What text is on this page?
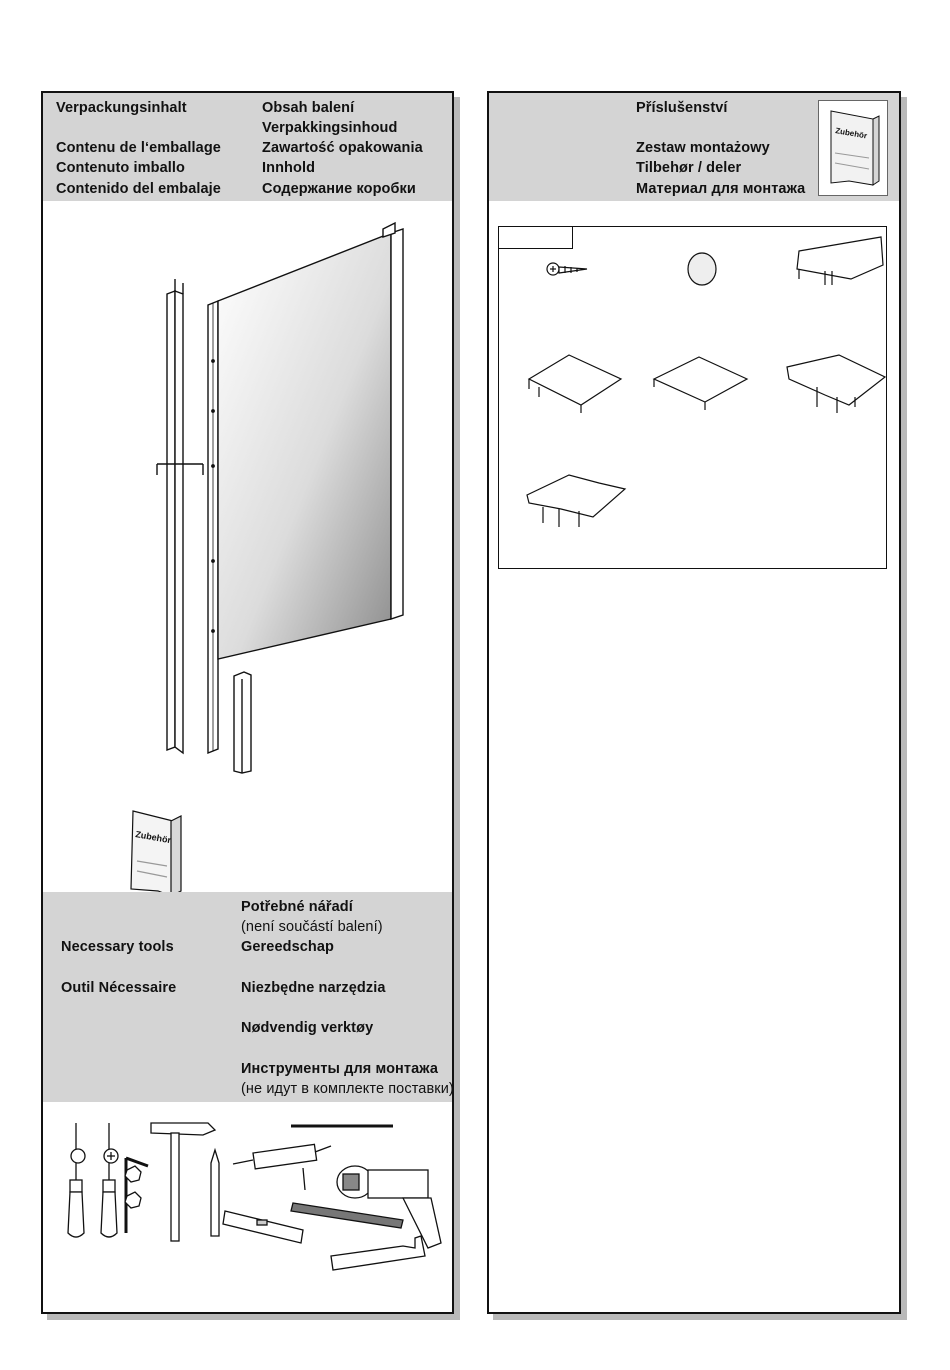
Verpackungsinhalt
Contenu de l‘emballage
Contenuto imballo
Contenido del embalaje
Obsah balení
Verpakkingsinhoud
Zawartość opakowania
Innhold
Содержание коробки
Zubehör
Necessary tools
Outil Nécessaire
Potřebné nářadí
(není součástí balení)
Gereedschap
Niezbędne narzędzia
Nødvendig verktøy
Инструменты для монтажа
(не идут в комплекте поставки)
Příslušenství
Zestaw montażowy
Tilbehør / deler
Материал для монтажа
Zubehör
